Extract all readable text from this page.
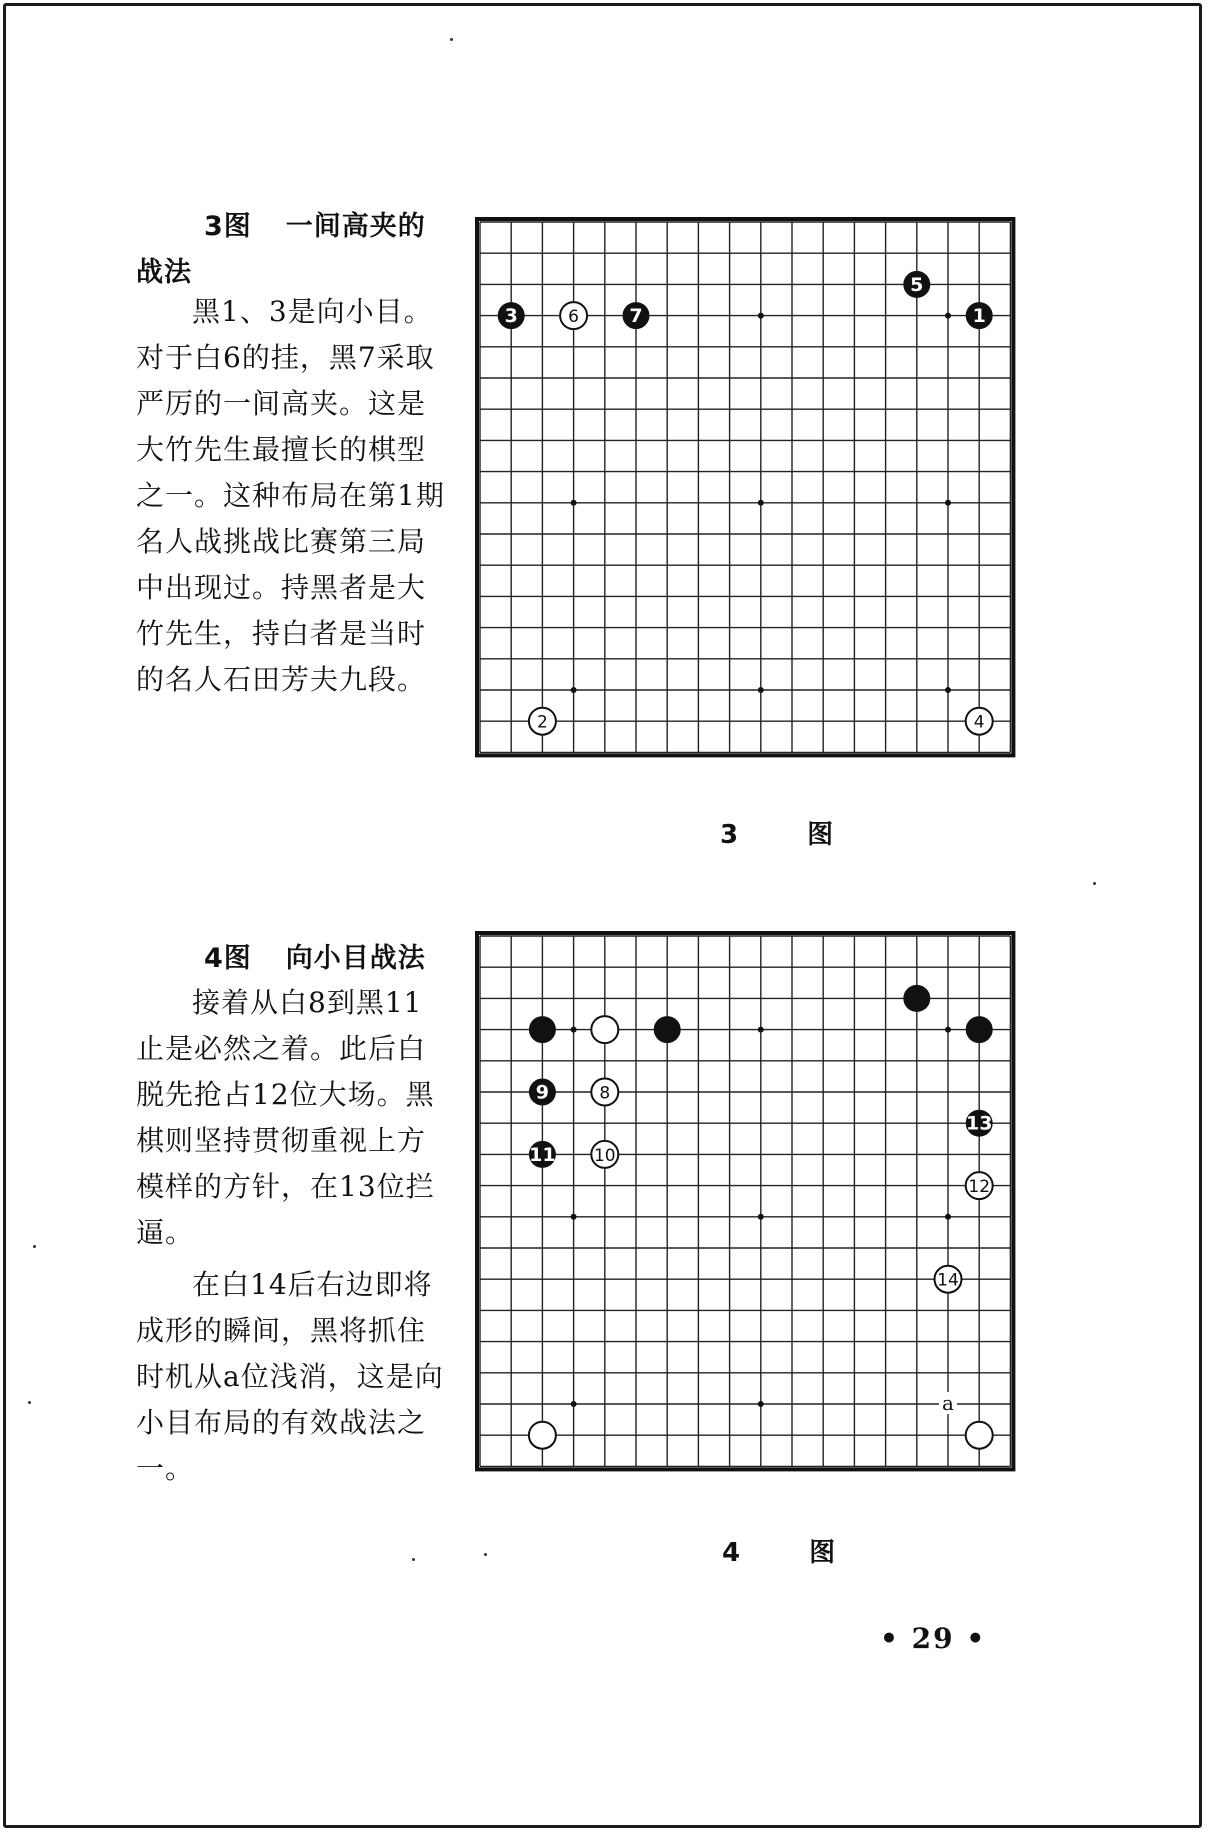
3图 一间高夹的
战法

黑1、3是向小目。对于白6的挂，黑7采取严厉的一间高夹。这是大竹先生最擅长的棋型之一。这种布局在第1期名人战挑战比赛第三局中出现过。持黑者是大竹先生，持白者是当时的名人石田芳夫九段。

3	6	7
5
1
2	4
3 图
4图 向小目战法

接着从白8到黑11止是必然之着。此后白脱先抢占12位大场。黑棋则坚持贯彻重视上方模样的方针，在13位拦逼。

在白14后右边即将成形的瞬间，黑将抓住时机从a位浅消，这是向小目布局的有效战法之一。

9	8
11 10
13
12
14
a
4 图
• 29 •
